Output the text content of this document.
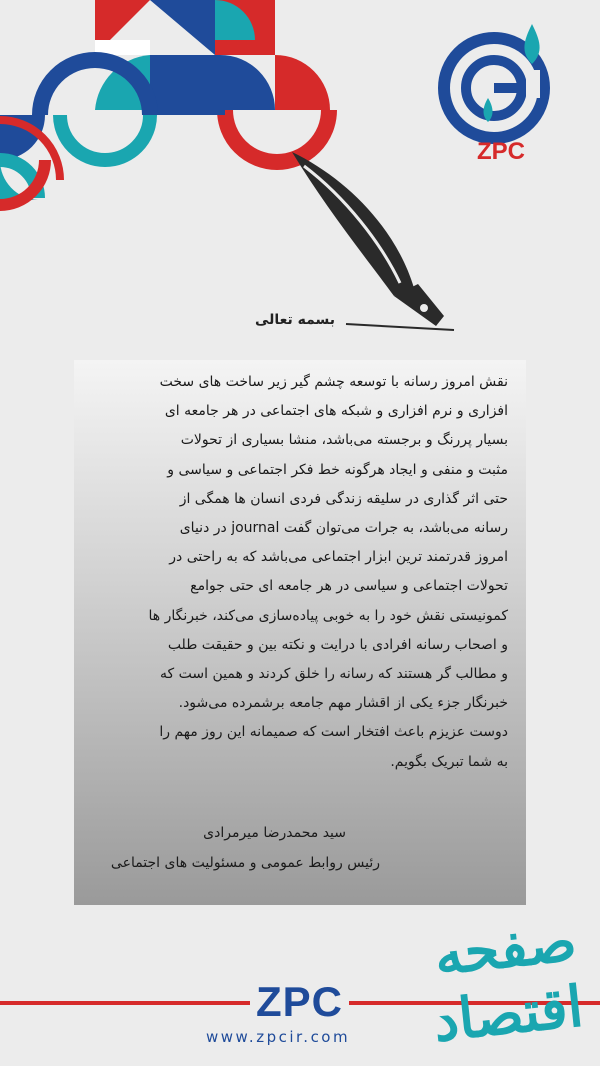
ZPC
بسمه تعالی
نقش امروز رسانه با توسعه چشم گیر زیر ساخت های سخت
افزاری و نرم افزاری و شبکه های اجتماعی در هر جامعه ای
بسیار پررنگ و برجسته می‌باشد، منشا بسیاری از تحولات
مثبت و منفی و ایجاد هرگونه خط فکر اجتماعی و سیاسی و
حتی اثر گذاری در سلیقه زندگی فردی انسان ها همگی از
رسانه می‌باشد، به جرات می‌توان گفت journal در دنیای
امروز قدرتمند ترین ابزار اجتماعی می‌باشد که به راحتی در
تحولات اجتماعی و سیاسی در هر جامعه ای حتی جوامع
کمونیستی نقش خود را به خوبی پیاده‌سازی می‌کند، خبرنگار ها
و اصحاب رسانه افرادی با درایت و نکته بین و حقیقت طلب
و مطالب گر هستند که رسانه را خلق کردند و همین است که
خبرنگار جزء یکی از اقشار مهم جامعه برشمرده می‌شود.
دوست عزیزم باعث افتخار است که صمیمانه این روز مهم را
به شما تبریک بگویم.
سید محمدرضا میرمرادی
رئیس روابط عمومی و مسئولیت های اجتماعی
ZPC
www.zpcir.com
صفحه اقتصاد
